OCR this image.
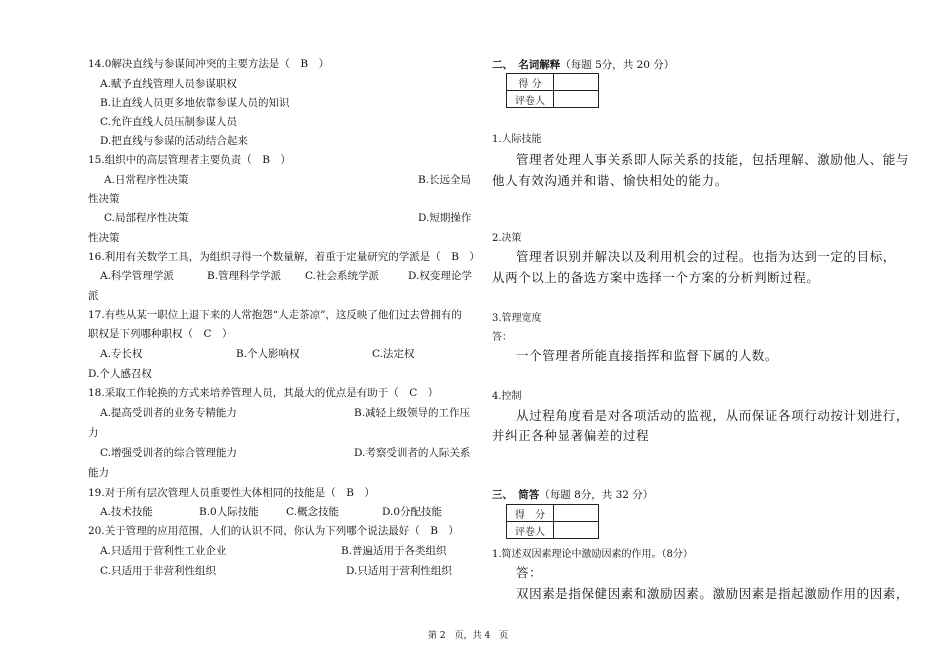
14.0解决直线与参谋间冲突的主要方法是（　B　）
A.赋予直线管理人员参谋职权
B.让直线人员更多地依靠参谋人员的知识
C.允许直线人员压制参谋人员
D.把直线与参谋的活动结合起来
15.组织中的高层管理者主要负责（　B　）
A.日常程序性决策	B.长远全局
性决策
C.局部程序性决策	D.短期操作
性决策
16.利用有关数学工具，为组织寻得一个数量解，着重于定量研究的学派是（　B　）
A.科学管理学派	B.管理科学学派 C.社会系统学派	D.权变理论学
派
17.有些从某一职位上退下来的人常抱怨“人走茶凉”，这反映了他们过去曾拥有的
职权是下列哪种职权（　C　）
A.专长权	B.个人影响权	C.法定权
D.个人感召权
18.采取工作轮换的方式来培养管理人员，其最大的优点是有助于（　C　）
A.提高受训者的业务专精能力	B.减轻上级领导的工作压
力
C.增强受训者的综合管理能力	D.考察受训者的人际关系
能力
19.对于所有层次管理人员重要性大体相同的技能是（　B　）
A.技术技能	B.0人际技能	C.概念技能	D.0分配技能
20.关于管理的应用范围，人们的认识不同，你认为下列哪个说法最好（　B　）
A.只适用于营利性工业企业	B.普遍适用于各类组织
C.只适用于非营利性组织	D.只适用于营利性组织
二、　名词解释（每题 5分，共 20 分）
得 分	
评卷人	
1.人际技能
管理者处理人事关系即人际关系的技能，包括理解、激励他人、能与
他人有效沟通并和谐、愉快相处的能力。
2.决策
管理者识别并解决以及利用机会的过程。也指为达到一定的目标，
从两个以上的备选方案中选择一个方案的分析判断过程。
3.管理宽度
答：
一个管理者所能直接指挥和监督下属的人数。
4.控制
从过程角度看是对各项活动的监视，从而保证各项行动按计划进行，
并纠正各种显著偏差的过程
三、　简答（每题 8分，共 32 分）
得　分	
评卷人	
1.简述双因素理论中激励因素的作用。（8分）
答：
双因素是指保健因素和激励因素。激励因素是指起激励作用的因素，
第 2　页，共 4　页
